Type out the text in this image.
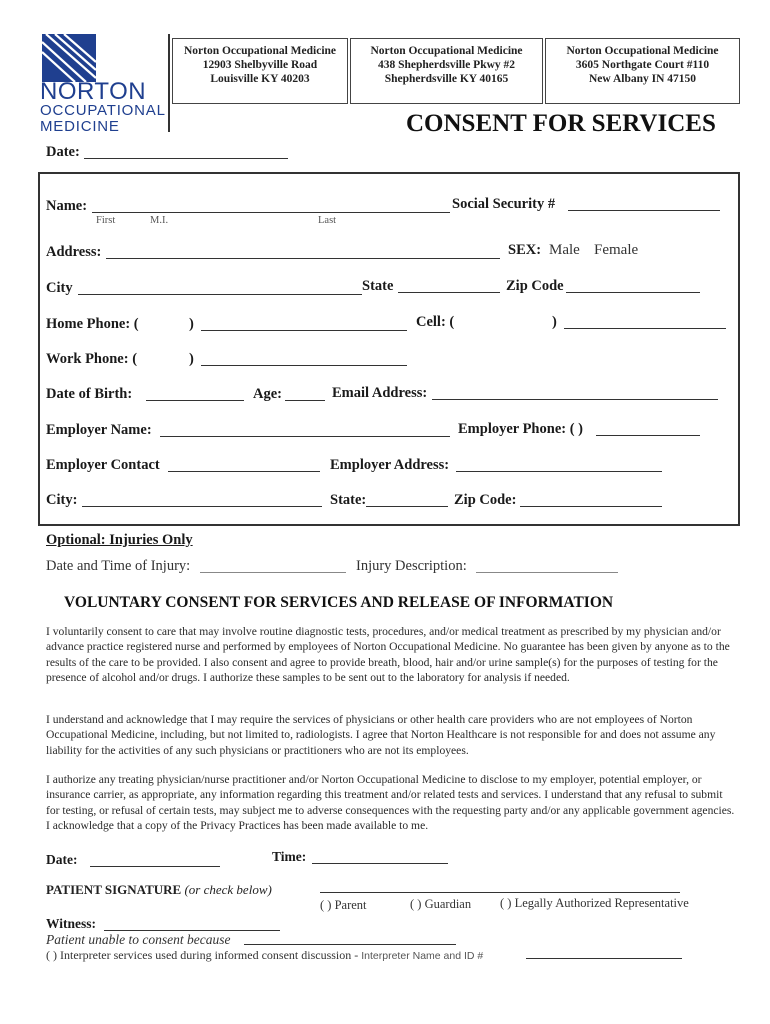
NORTON
OCCUPATIONAL
MEDICINE
Norton Occupational Medicine
12903 Shelbyville Road
Louisville KY 40203
Norton Occupational Medicine
438 Shepherdsville Pkwy #2
Shepherdsville KY 40165
Norton Occupational Medicine
3605 Northgate Court #110
New Albany IN 47150
CONSENT FOR SERVICES
Date:
Name:
First	M.I.	Last
Social Security #
Address:	SEX: Male Female
City	State	Zip Code
Home Phone: (	)	Cell: (	)
Work Phone: (	)
Date of Birth:	Age:	Email Address:
Employer Name:	Employer Phone: ( )
Employer Contact	Employer Address:
City:	State:	Zip Code:
Optional: Injuries Only
Date and Time of Injury:	Injury Description:
VOLUNTARY CONSENT FOR SERVICES AND RELEASE OF INFORMATION
I voluntarily consent to care that may involve routine diagnostic tests, procedures, and/or medical treatment as prescribed by my physician and/or advance practice registered nurse and performed by employees of Norton Occupational Medicine. No guarantee has been given by anyone as to the results of the care to be provided. I also consent and agree to provide breath, blood, hair and/or urine sample(s) for the purposes of testing for the presence of alcohol and/or drugs. I authorize these samples to be sent out to the laboratory for analysis if needed.
I understand and acknowledge that I may require the services of physicians or other health care providers who are not employees of Norton Occupational Medicine, including, but not limited to, radiologists. I agree that Norton Healthcare is not responsible for and does not assume any liability for the activities of any such physicians or practitioners who are not its employees.
I authorize any treating physician/nurse practitioner and/or Norton Occupational Medicine to disclose to my employer, potential employer, or insurance carrier, as appropriate, any information regarding this treatment and/or related tests and services. I understand that any refusal to submit for testing, or refusal of certain tests, may subject me to adverse consequences with the requesting party and/or any applicable government agencies. I acknowledge that a copy of the Privacy Practices has been made available to me.
Date:	Time:
PATIENT SIGNATURE (or check below)
( ) Parent	( ) Guardian ( ) Legally Authorized Representative
Witness:
Patient unable to consent because
( ) Interpreter services used during informed consent discussion - Interpreter Name and ID #
